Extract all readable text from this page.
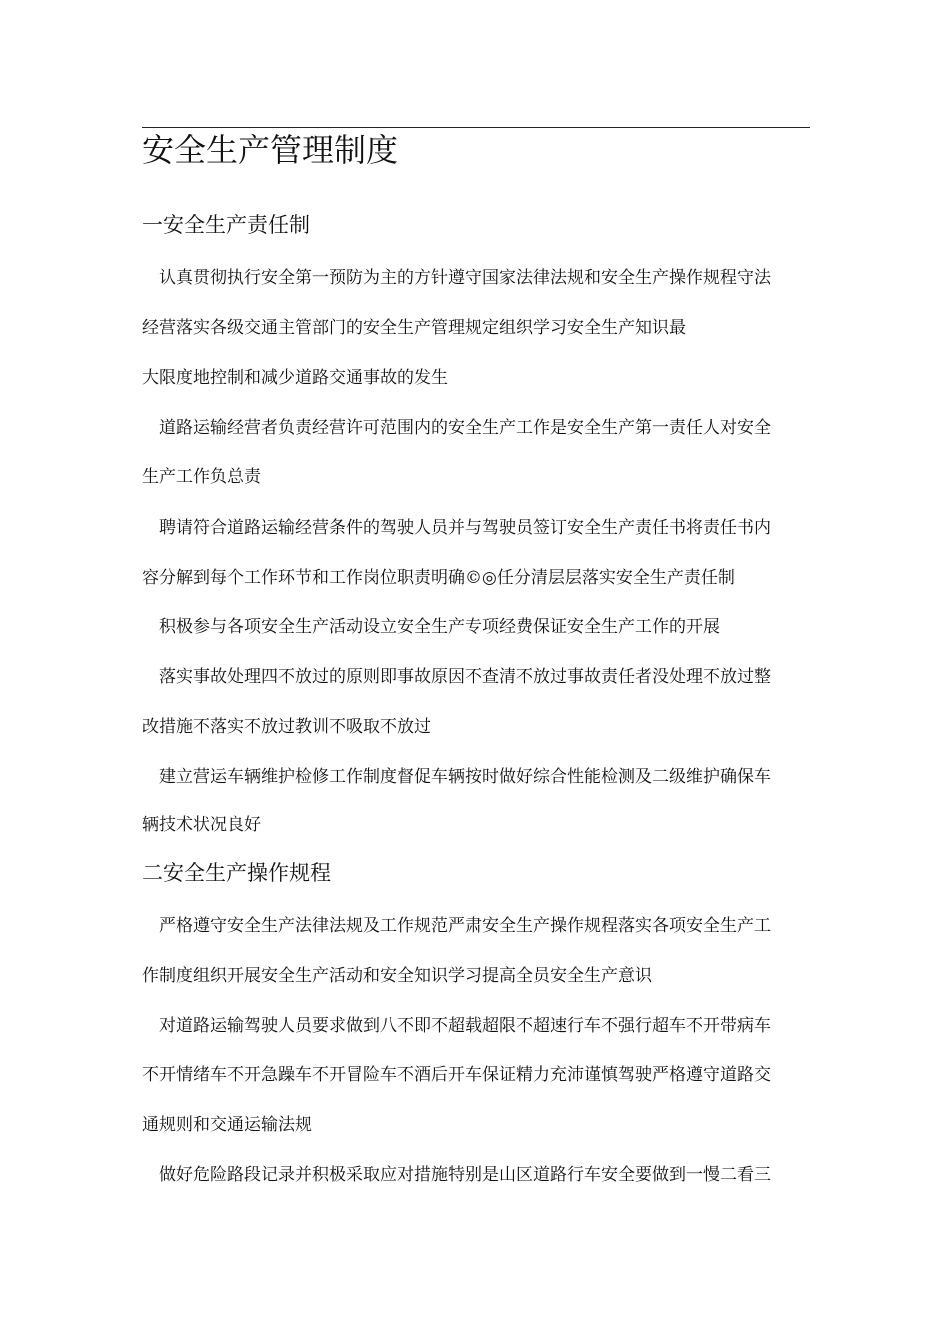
安全生产管理制度
一安全生产责任制

认真贯彻执行安全第一预防为主的方针遵守国家法律法规和安全生产操作规程守法

经营落实各级交通主管部门的安全生产管理规定组织学习安全生产知识最

大限度地控制和减少道路交通事故的发生

道路运输经营者负责经营许可范围内的安全生产工作是安全生产第一责任人对安全

生产工作负总责

聘请符合道路运输经营条件的驾驶人员并与驾驶员签订安全生产责任书将责任书内

容分解到每个工作环节和工作岗位职责明确©◎任分清层层落实安全生产责任制

积极参与各项安全生产活动设立安全生产专项经费保证安全生产工作的开展

落实事故处理四不放过的原则即事故原因不查清不放过事故责任者没处理不放过整

改措施不落实不放过教训不吸取不放过

建立营运车辆维护检修工作制度督促车辆按时做好综合性能检测及二级维护确保车

辆技术状况良好

二安全生产操作规程

严格遵守安全生产法律法规及工作规范严肃安全生产操作规程落实各项安全生产工

作制度组织开展安全生产活动和安全知识学习提高全员安全生产意识

对道路运输驾驶人员要求做到八不即不超载超限不超速行车不强行超车不开带病车

不开情绪车不开急躁车不开冒险车不酒后开车保证精力充沛谨慎驾驶严格遵守道路交

通规则和交通运输法规

做好危险路段记录并积极采取应对措施特别是山区道路行车安全要做到一慢二看三
